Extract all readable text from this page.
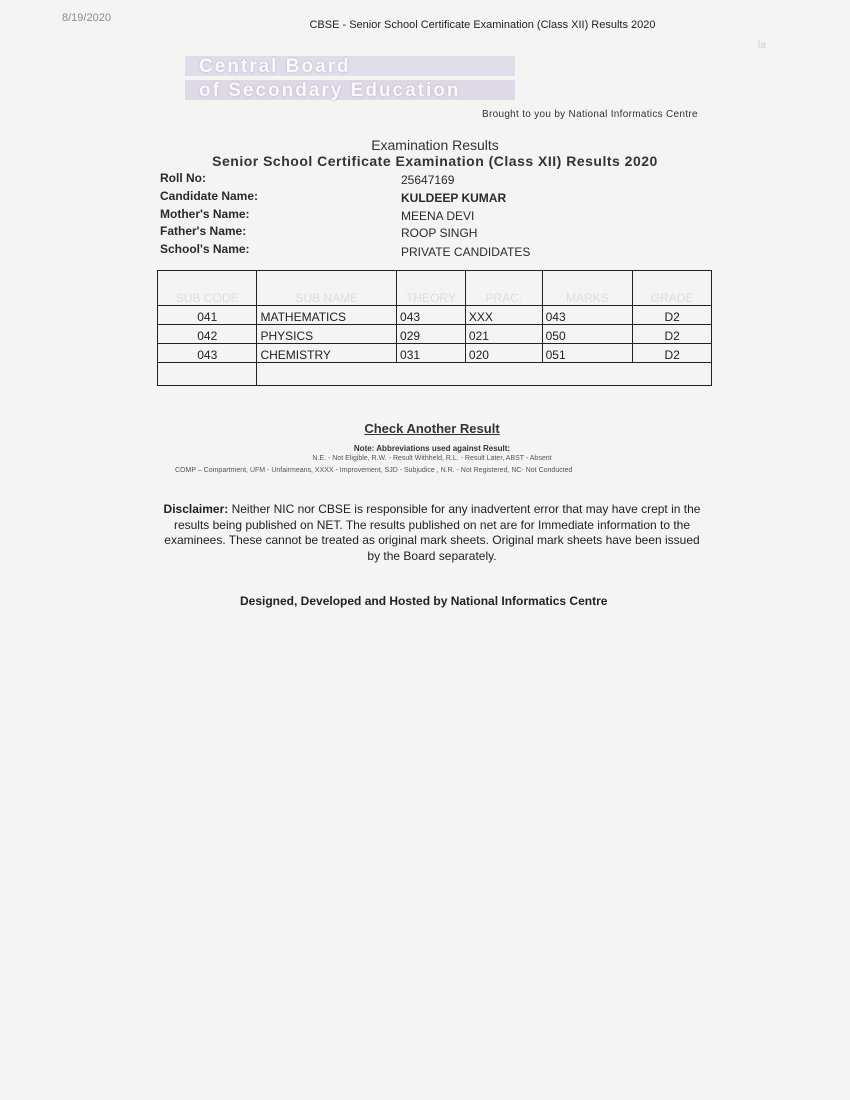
8/19/2020
CBSE - Senior School Certificate Examination (Class XII) Results 2020
la
Central Board
of Secondary Education
Brought to you by National Informatics Centre
Examination Results
Senior School Certificate Examination (Class XII) Results 2020
Roll No:	25647169
Candidate Name:	KULDEEP KUMAR
Mother's Name:	MEENA DEVI
Father's Name:	ROOP SINGH
School's Name:	PRIVATE CANDIDATES
SUB CODE	SUB NAME	THEORY	PRAC.	MARKS	GRADE
041	MATHEMATICS	043	XXX	043	D2
042	PHYSICS	029	021	050	D2
043	CHEMISTRY	031	020	051	D2

Check Another Result
Note: Abbreviations used against Result:
N.E. - Not Eligible, R.W. - Result Withheld, R.L. - Result Later, ABST - Absent
COMP – Compartment, UFM - Unfairmeans, XXXX - Improvement, SJD - Subjudice , N.R. - Not Registered, NC- Not Conducted
Disclaimer: Neither NIC nor CBSE is responsible for any inadvertent error that may have crept in the results being published on NET. The results published on net are for Immediate information to the examinees. These cannot be treated as original mark sheets. Original mark sheets have been issued by the Board separately.
Designed, Developed and Hosted by National Informatics Centre
